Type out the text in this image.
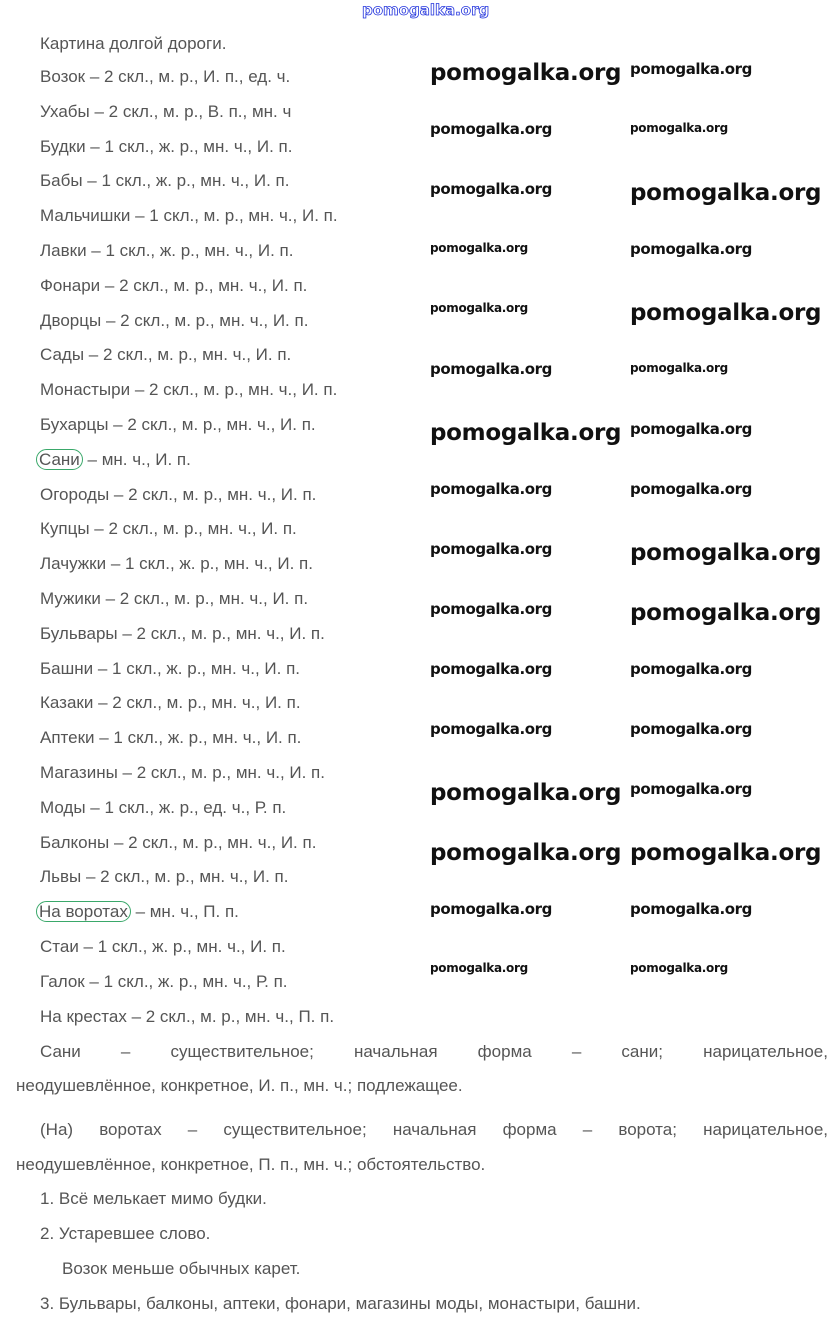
pomogalka.org
Картина долгой дороги.
Возок – 2 скл., м. р., И. п., ед. ч.
Ухабы – 2 скл., м. р., В. п., мн. ч
Будки – 1 скл., ж. р., мн. ч., И. п.
Бабы – 1 скл., ж. р., мн. ч., И. п.
Мальчишки – 1 скл., м. р., мн. ч., И. п.
Лавки – 1 скл., ж. р., мн. ч., И. п.
Фонари – 2 скл., м. р., мн. ч., И. п.
Дворцы – 2 скл., м. р., мн. ч., И. п.
Сады – 2 скл., м. р., мн. ч., И. п.
Монастыри – 2 скл., м. р., мн. ч., И. п.
Бухарцы – 2 скл., м. р., мн. ч., И. п.
Сани – мн. ч., И. п.
Огороды – 2 скл., м. р., мн. ч., И. п.
Купцы – 2 скл., м. р., мн. ч., И. п.
Лачужки – 1 скл., ж. р., мн. ч., И. п.
Мужики – 2 скл., м. р., мн. ч., И. п.
Бульвары – 2 скл., м. р., мн. ч., И. п.
Башни – 1 скл., ж. р., мн. ч., И. п.
Казаки – 2 скл., м. р., мн. ч., И. п.
Аптеки – 1 скл., ж. р., мн. ч., И. п.
Магазины – 2 скл., м. р., мн. ч., И. п.
Моды – 1 скл., ж. р., ед. ч., Р. п.
Балконы – 2 скл., м. р., мн. ч., И. п.
Львы – 2 скл., м. р., мн. ч., И. п.
На воротах – мн. ч., П. п.
Стаи – 1 скл., ж. р., мн. ч., И. п.
Галок – 1 скл., ж. р., мн. ч., Р. п.
На крестах – 2 скл., м. р., мн. ч., П. п.
Сани – существительное; начальная форма – сани; нарицательное,
неодушевлённое, конкретное, И. п., мн. ч.; подлежащее.
(На) воротах – существительное; начальная форма – ворота; нарицательное,
неодушевлённое, конкретное, П. п., мн. ч.; обстоятельство.
1. Всё мелькает мимо будки.
2. Устаревшее слово.
Возок меньше обычных карет.
3. Бульвары, балконы, аптеки, фонари, магазины моды, монастыри, башни.
pomogalka.org pomogalka.org
pomogalka.org	pomogalka.org
pomogalka.org	pomogalka.org
pomogalka.org	pomogalka.org
pomogalka.org	pomogalka.org
pomogalka.org	pomogalka.org
pomogalka.org pomogalka.org
pomogalka.org	pomogalka.org
pomogalka.org	pomogalka.org
pomogalka.org	pomogalka.org
pomogalka.org	pomogalka.org
pomogalka.org	pomogalka.org
pomogalka.org pomogalka.org
pomogalka.org pomogalka.org
pomogalka.org	pomogalka.org
pomogalka.org	pomogalka.org
